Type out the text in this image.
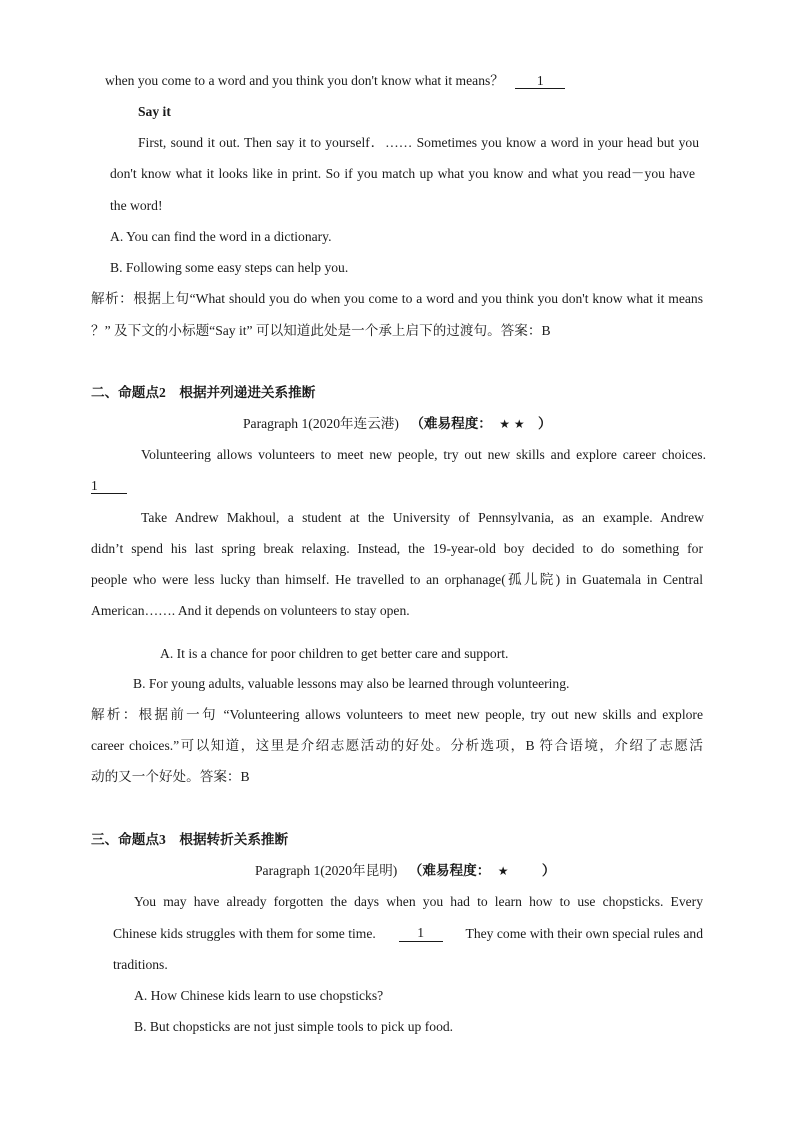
when you come to a word and you think you don't know what it means？ 1
Say it
First, sound it out. Then say it to yourself．…… Sometimes you know a word in your head but you
don't know what it looks like in print. So if you match up what you know and what you read－you have
the word!
A. You can find the word in a dictionary.
B. Following some easy steps can help you.
解析：根据上句“What should you do when you come to a word and you think you don't know what it means
？” 及下文的小标题“Say it” 可以知道此处是一个承上启下的过渡句。答案：B
二、命题点2　根据并列递进关系推断
Paragraph 1(2020年连云港) （难易程度： ★ ★ ）
Volunteering allows volunteers to meet new people, try out new skills and explore career choices.
1
Take Andrew Makhoul, a student at the University of Pennsylvania, as an example. Andrew
didn’t spend his last spring break relaxing. Instead, the 19-year-old boy decided to do something for
people who were less lucky than himself. He travelled to an orphanage(孤儿院) in Guatemala in Central
American……. And it depends on volunteers to stay open.
A. It is a chance for poor children to get better care and support.
B. For young adults, valuable lessons may also be learned through volunteering.
解析：根据前一句 “Volunteering allows volunteers to meet new people, try out new skills and explore
career choices.”可以知道，这里是介绍志愿活动的好处。分析选项，B 符合语境，介绍了志愿活
动的又一个好处。答案：B
三、命题点3　根据转折关系推断
Paragraph 1(2020年昆明) （难易程度： ★ ）
You may have already forgotten the days when you had to learn how to use chopsticks. Every
Chinese kids struggles with them for some time.	1	They come with their own special rules and
traditions.
A. How Chinese kids learn to use chopsticks?
B. But chopsticks are not just simple tools to pick up food.
